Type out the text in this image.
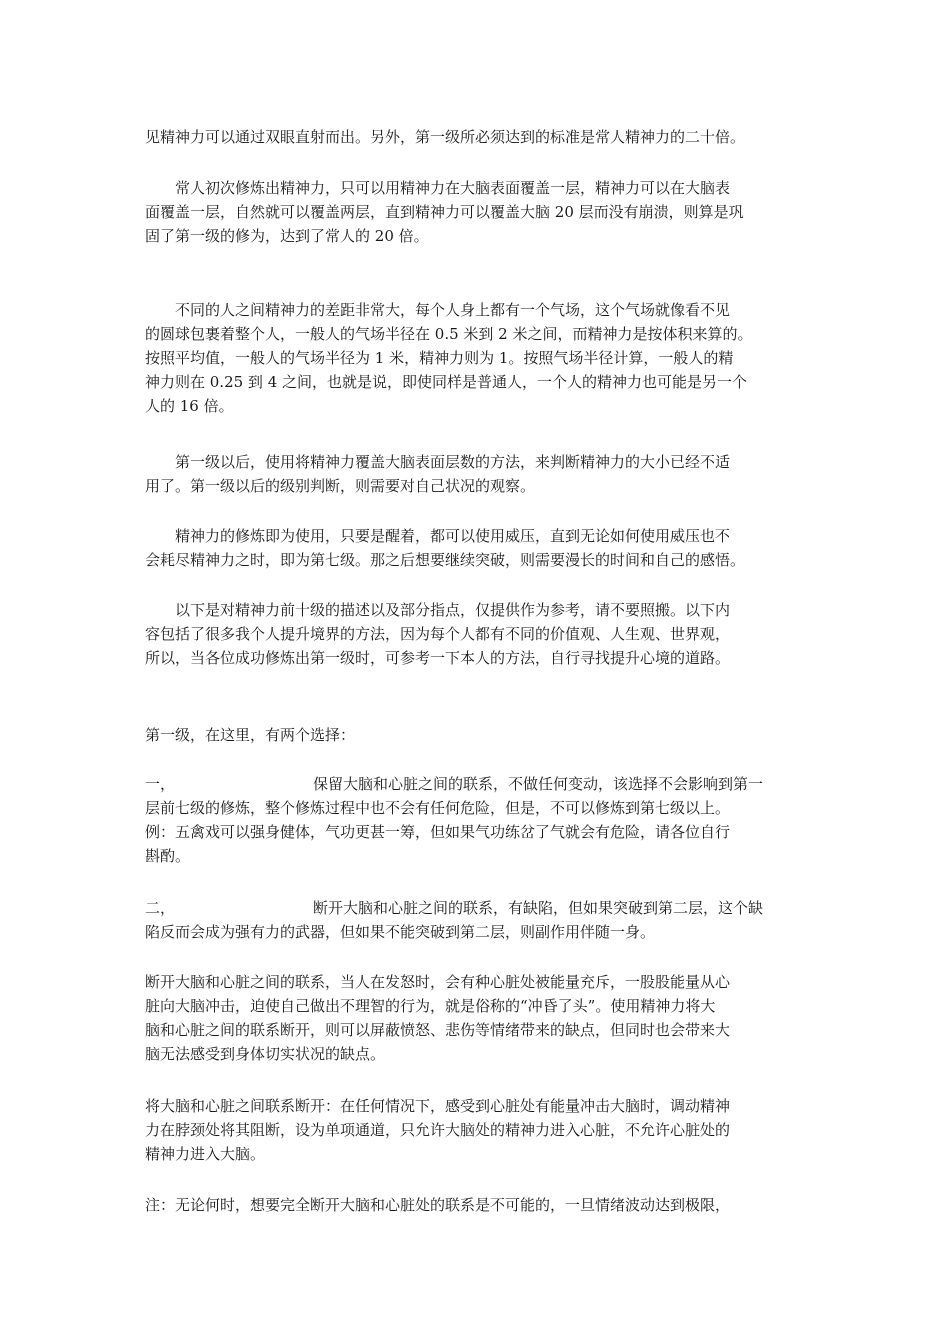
见精神力可以通过双眼直射而出。另外，第一级所必须达到的标准是常人精神力的二十倍。

常人初次修炼出精神力，只可以用精神力在大脑表面覆盖一层，精神力可以在大脑表
面覆盖一层，自然就可以覆盖两层，直到精神力可以覆盖大脑 20 层而没有崩溃，则算是巩
固了第一级的修为，达到了常人的 20 倍。

不同的人之间精神力的差距非常大，每个人身上都有一个气场，这个气场就像看不见
的圆球包裹着整个人，一般人的气场半径在 0.5 米到 2 米之间，而精神力是按体积来算的。
按照平均值，一般人的气场半径为 1 米，精神力则为 1。按照气场半径计算，一般人的精
神力则在 0.25 到 4 之间，也就是说，即使同样是普通人，一个人的精神力也可能是另一个
人的 16 倍。

第一级以后，使用将精神力覆盖大脑表面层数的方法，来判断精神力的大小已经不适
用了。第一级以后的级别判断，则需要对自己状况的观察。

精神力的修炼即为使用，只要是醒着，都可以使用威压，直到无论如何使用威压也不
会耗尽精神力之时，即为第七级。那之后想要继续突破，则需要漫长的时间和自己的感悟。

以下是对精神力前十级的描述以及部分指点，仅提供作为参考，请不要照搬。以下内
容包括了很多我个人提升境界的方法，因为每个人都有不同的价值观、人生观、世界观，
所以，当各位成功修炼出第一级时，可参考一下本人的方法，自行寻找提升心境的道路。

第一级，在这里，有两个选择：

一，	保留大脑和心脏之间的联系，不做任何变动，该选择不会影响到第一
层前七级的修炼，整个修炼过程中也不会有任何危险，但是，不可以修炼到第七级以上。
例：五禽戏可以强身健体，气功更甚一筹，但如果气功练岔了气就会有危险，请各位自行
斟酌。

二，	断开大脑和心脏之间的联系，有缺陷，但如果突破到第二层，这个缺
陷反而会成为强有力的武器，但如果不能突破到第二层，则副作用伴随一身。

断开大脑和心脏之间的联系，当人在发怒时，会有种心脏处被能量充斥，一股股能量从心
脏向大脑冲击，迫使自己做出不理智的行为，就是俗称的“冲昏了头”。使用精神力将大
脑和心脏之间的联系断开，则可以屏蔽愤怒、悲伤等情绪带来的缺点，但同时也会带来大
脑无法感受到身体切实状况的缺点。

将大脑和心脏之间联系断开：在任何情况下，感受到心脏处有能量冲击大脑时，调动精神
力在脖颈处将其阻断，设为单项通道，只允许大脑处的精神力进入心脏，不允许心脏处的
精神力进入大脑。

注：无论何时，想要完全断开大脑和心脏处的联系是不可能的，一旦情绪波动达到极限，
